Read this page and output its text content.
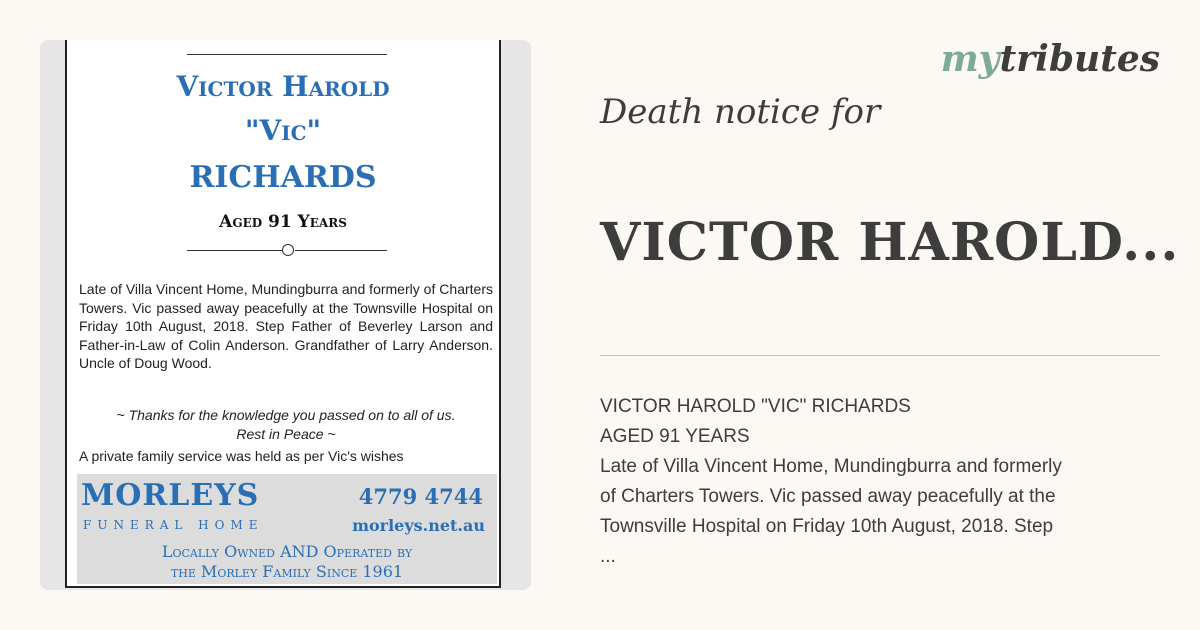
Victor Harold
"Vic"
RICHARDS
Aged 91 Years
Late of Villa Vincent Home, Mundingburra and formerly of Charters Towers. Vic passed away peacefully at the Townsville Hospital on Friday 10th August, 2018. Step Father of Beverley Larson and Father-in-Law of Colin Anderson. Grandfather of Larry Anderson. Uncle of Doug Wood.
~ Thanks for the knowledge you passed on to all of us.
Rest in Peace ~
A private family service was held as per Vic's wishes
MORLEYS
FUNERAL HOME
4779 4744
morleys.net.au
Locally Owned AND Operated by
the Morley Family Since 1961
mytributes
Death notice for
VICTOR HAROLD...
VICTOR HAROLD "VIC" RICHARDS
AGED 91 YEARS
Late of Villa Vincent Home, Mundingburra and formerly
of Charters Towers. Vic passed away peacefully at the
Townsville Hospital on Friday 10th August, 2018. Step
...
